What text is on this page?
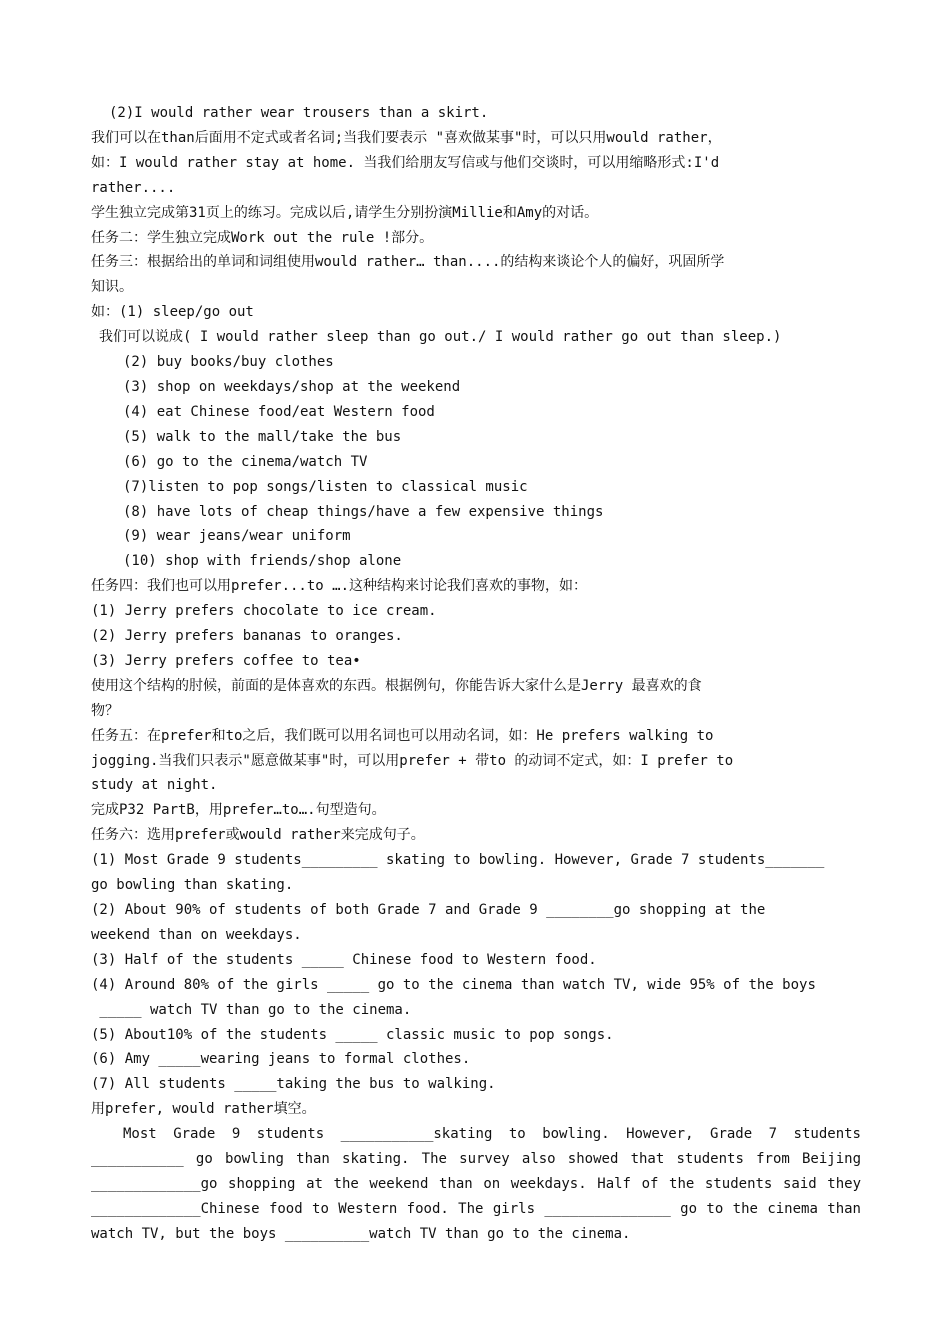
(2)I would rather wear trousers than a skirt.
我们可以在than后面用不定式或者名词;当我们要表示 "喜欢做某事"时，可以只用would rather，
如：I would rather stay at home. 当我们给朋友写信或与他们交谈时，可以用缩略形式:I'd
rather....
学生独立完成第31页上的练习。完成以后,请学生分别扮演Millie和Amy的对话。
任务二：学生独立完成Work out the rule !部分。
任务三：根据给出的单词和词组使用would rather… than....的结构来谈论个人的偏好，巩固所学
知识。
如：(1) sleep/go out
我们可以说成( I would rather sleep than go out./ I would rather go out than sleep.)
(2) buy books/buy clothes
(3) shop on weekdays/shop at the weekend
(4) eat Chinese food/eat Western food
(5) walk to the mall/take the bus
(6) go to the cinema/watch TV
(7)listen to pop songs/listen to classical music
(8) have lots of cheap things/have a few expensive things
(9) wear jeans/wear uniform
(10) shop with friends/shop alone
任务四：我们也可以用prefer...to ….这种结构来讨论我们喜欢的事物，如：
(1) Jerry prefers chocolate to ice cream.
(2) Jerry prefers bananas to oranges.
(3) Jerry prefers coffee to tea•
使用这个结构的肘候，前面的是体喜欢的东西。根据例句，你能告诉大家什么是Jerry 最喜欢的食
物？
任务五：在prefer和to之后，我们既可以用名词也可以用动名词，如：He prefers walking to
jogging.当我们只表示"愿意做某事"时，可以用prefer + 带to 的动词不定式，如：I prefer to
study at night.
完成P32 PartB，用prefer…to….句型造句。
任务六：选用prefer或would rather来完成句子。
(1) Most Grade 9 students_________ skating to bowling. However, Grade 7 students_______
go bowling than skating.
(2) About 90% of students of both Grade 7 and Grade 9 ________go shopping at the
weekend than on weekdays.
(3) Half of the students _____ Chinese food to Western food.
(4) Around 80% of the girls _____ go to the cinema than watch TV, wide 95% of the boys
_____ watch TV than go to the cinema.
(5) About10% of the students _____ classic music to pop songs.
(6) Amy _____wearing jeans to formal clothes.
(7) All students _____taking the bus to walking.
用prefer, would rather填空。
Most Grade 9 students ___________skating to bowling. However, Grade 7 students
___________ go bowling than skating. The survey also showed that students from Beijing
_____________go shopping at the weekend than on weekdays. Half of the students said they
_____________Chinese food to Western food. The girls _______________ go to the cinema than
watch TV, but the boys __________watch TV than go to the cinema.
